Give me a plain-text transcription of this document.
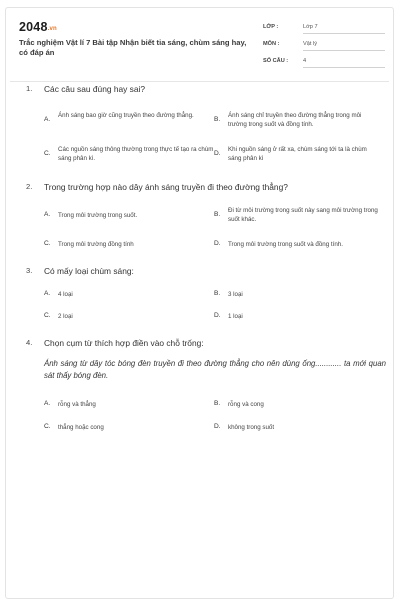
2048.vn
Trắc nghiệm Vật lí 7 Bài tập Nhận biết tia sáng, chùm sáng hay, có đáp án
LỚP :	Lớp 7
MÔN :	Vật lý
SỐ CÂU :	4
1. Các câu sau đúng hay sai?
A.
Ánh sáng bao giờ cũng truyền theo đường thẳng.
B.
Ánh sáng chỉ truyền theo đường thẳng trong môi trường trong suốt và đồng tính.
C.
Các nguồn sáng thông thường trong thực tế tạo ra chùm sáng phân kì.
D.
Khi nguồn sáng ở rất xa, chùm sáng tới ta là chùm sáng phân kì
2. Trong trường hợp nào dây ánh sáng truyền đi theo đường thẳng?
A. Trong môi trường trong suốt.	B.
Đi từ môi trường trong suốt này sang môi trường trong suốt khác.
C. Trong môi trường đồng tính	D. Trong môi trường trong suốt và đồng tính.
3. Có mấy loại chùm sáng:
A. 4 loại	B. 3 loại
C. 2 loại	D. 1 loại
4. Chọn cụm từ thích hợp điền vào chỗ trống:
Ánh sáng từ dây tóc bóng đèn truyền đi theo đường thẳng cho nên dùng ống............ ta mới quan sát thấy bóng đèn.
A. rỗng và thẳng	B. rỗng và cong
C. thẳng hoặc cong	D. không trong suốt
